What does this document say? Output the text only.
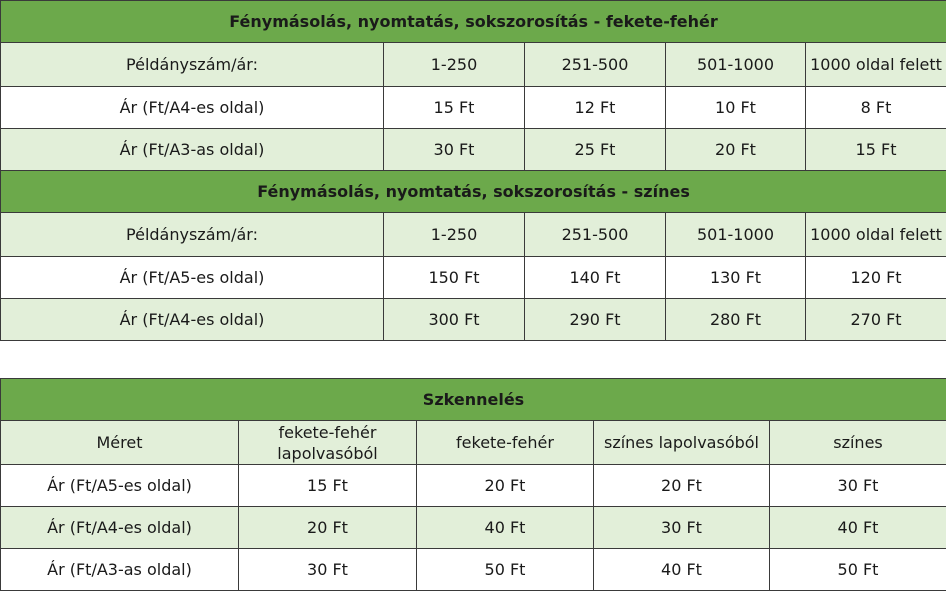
Fénymásolás, nyomtatás, sokszorosítás - fekete-fehér				
Példányszám/ár:	1-250	251-500	501-1000	1000 oldal felett
Ár (Ft/A4-es oldal)	15 Ft	12 Ft	10 Ft	8 Ft
Ár (Ft/A3-as oldal)	30 Ft	25 Ft	20 Ft	15 Ft
Fénymásolás, nyomtatás, sokszorosítás - színes				
Példányszám/ár:	1-250	251-500	501-1000	1000 oldal felett
Ár (Ft/A5-es oldal)	150 Ft	140 Ft	130 Ft	120 Ft
Ár (Ft/A4-es oldal)	300 Ft	290 Ft	280 Ft	270 Ft
Szkennelés				
Méret	fekete-fehér lapolvasóból	fekete-fehér	színes lapolvasóból	színes
Ár (Ft/A5-es oldal)	15 Ft	20 Ft	20 Ft	30 Ft
Ár (Ft/A4-es oldal)	20 Ft	40 Ft	30 Ft	40 Ft
Ár (Ft/A3-as oldal)	30 Ft	50 Ft	40 Ft	50 Ft
